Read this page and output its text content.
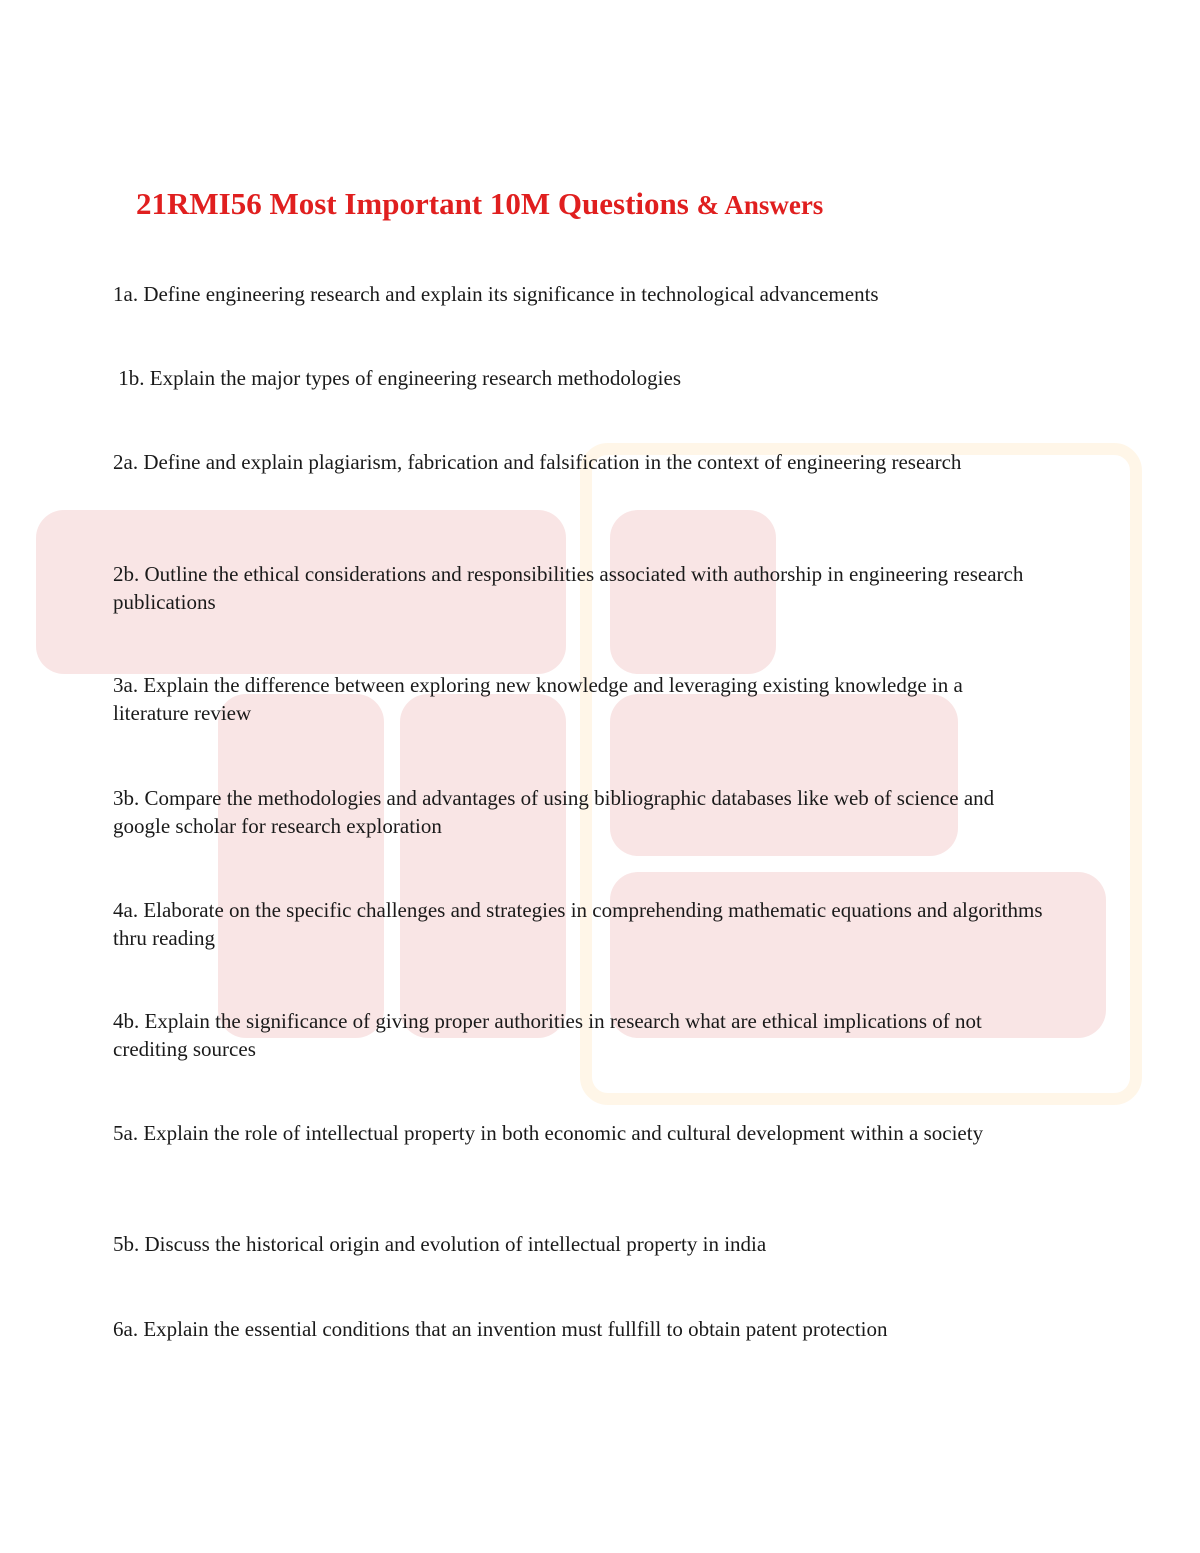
21RMI56 Most Important 10M Questions & Answers

1a. Define engineering research and explain its significance in technological advancements

1b. Explain the major types of engineering research methodologies

2a. Define and explain plagiarism, fabrication and falsification in the context of engineering research

2b. Outline the ethical considerations and responsibilities associated with authorship in engineering research publications

3a. Explain the difference between exploring new knowledge and leveraging existing knowledge in a literature review

3b. Compare the methodologies and advantages of using bibliographic databases like web of science and google scholar for research exploration

4a. Elaborate on the specific challenges and strategies in comprehending mathematic equations and algorithms thru reading

4b. Explain the significance of giving proper authorities in research what are ethical implications of not crediting sources

5a. Explain the role of intellectual property in both economic and cultural development within a society

5b. Discuss the historical origin and evolution of intellectual property in india

6a. Explain the essential conditions that an invention must fullfill to obtain patent protection
